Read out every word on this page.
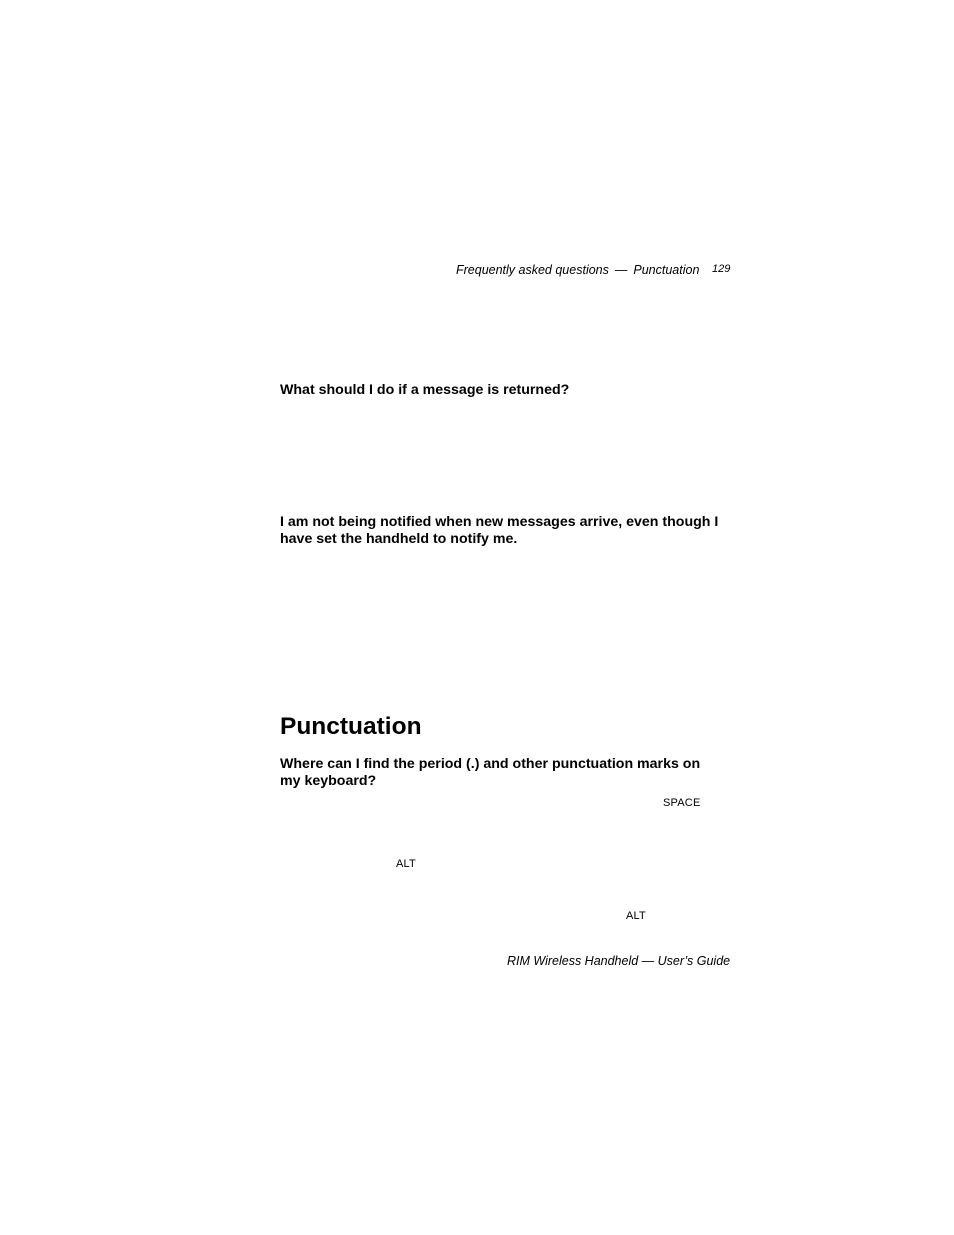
Frequently asked questions — Punctuation 129
What should I do if a message is returned?
I am not being notified when new messages arrive, even though I have set the handheld to notify me.
Punctuation
Where can I find the period (.) and other punctuation marks on my keyboard?
SPACE
ALT
ALT
RIM Wireless Handheld — User’s Guide
